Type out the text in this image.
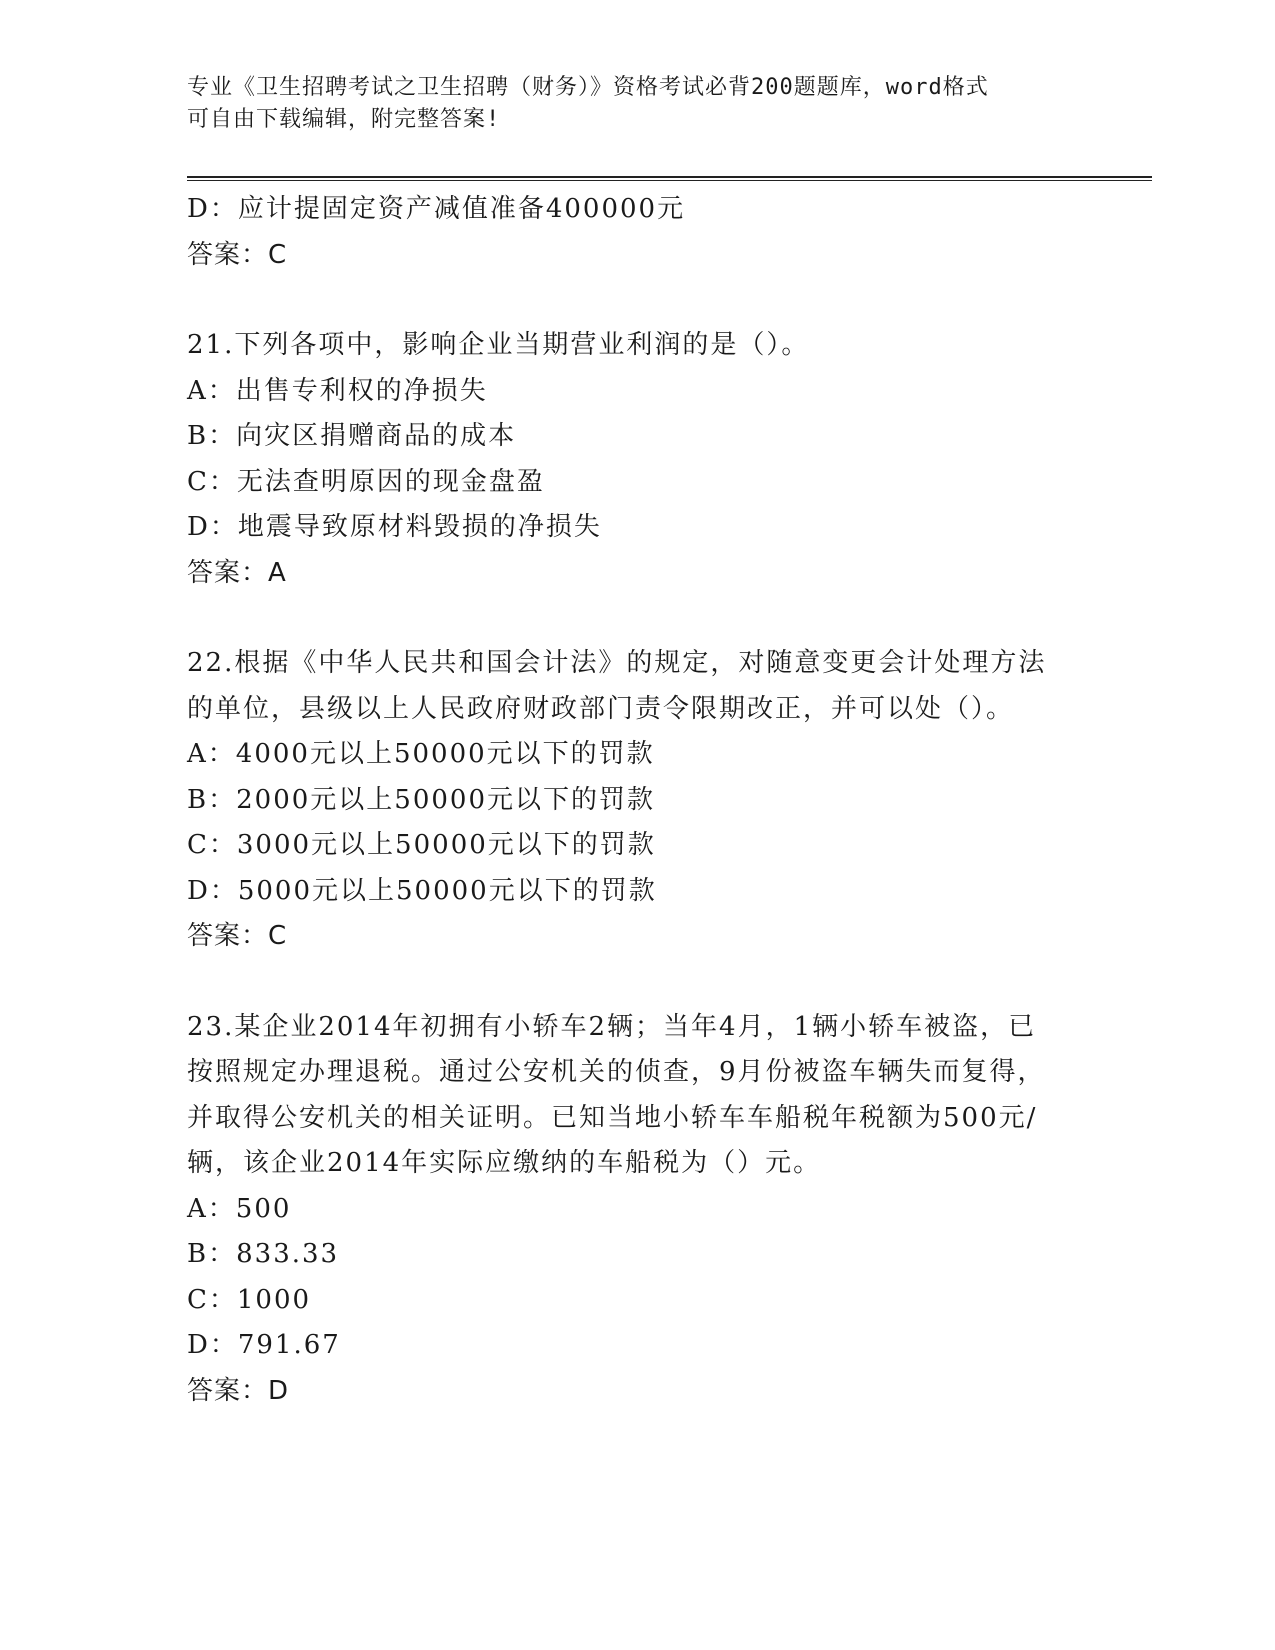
专业《卫生招聘考试之卫生招聘（财务）》资格考试必背200题题库，word格式
可自由下载编辑，附完整答案!
D：应计提固定资产减值准备400000元
答案：C
21.下列各项中，影响企业当期营业利润的是（）。
A：出售专利权的净损失
B：向灾区捐赠商品的成本
C：无法查明原因的现金盘盈
D：地震导致原材料毁损的净损失
答案：A
22.根据《中华人民共和国会计法》的规定，对随意变更会计处理方法
的单位，县级以上人民政府财政部门责令限期改正，并可以处（）。
A：4000元以上50000元以下的罚款
B：2000元以上50000元以下的罚款
C：3000元以上50000元以下的罚款
D：5000元以上50000元以下的罚款
答案：C
23.某企业2014年初拥有小轿车2辆；当年4月，1辆小轿车被盗，已
按照规定办理退税。通过公安机关的侦查，9月份被盗车辆失而复得，
并取得公安机关的相关证明。已知当地小轿车车船税年税额为500元/
辆，该企业2014年实际应缴纳的车船税为（）元。
A：500
B：833.33
C：1000
D：791.67
答案：D
